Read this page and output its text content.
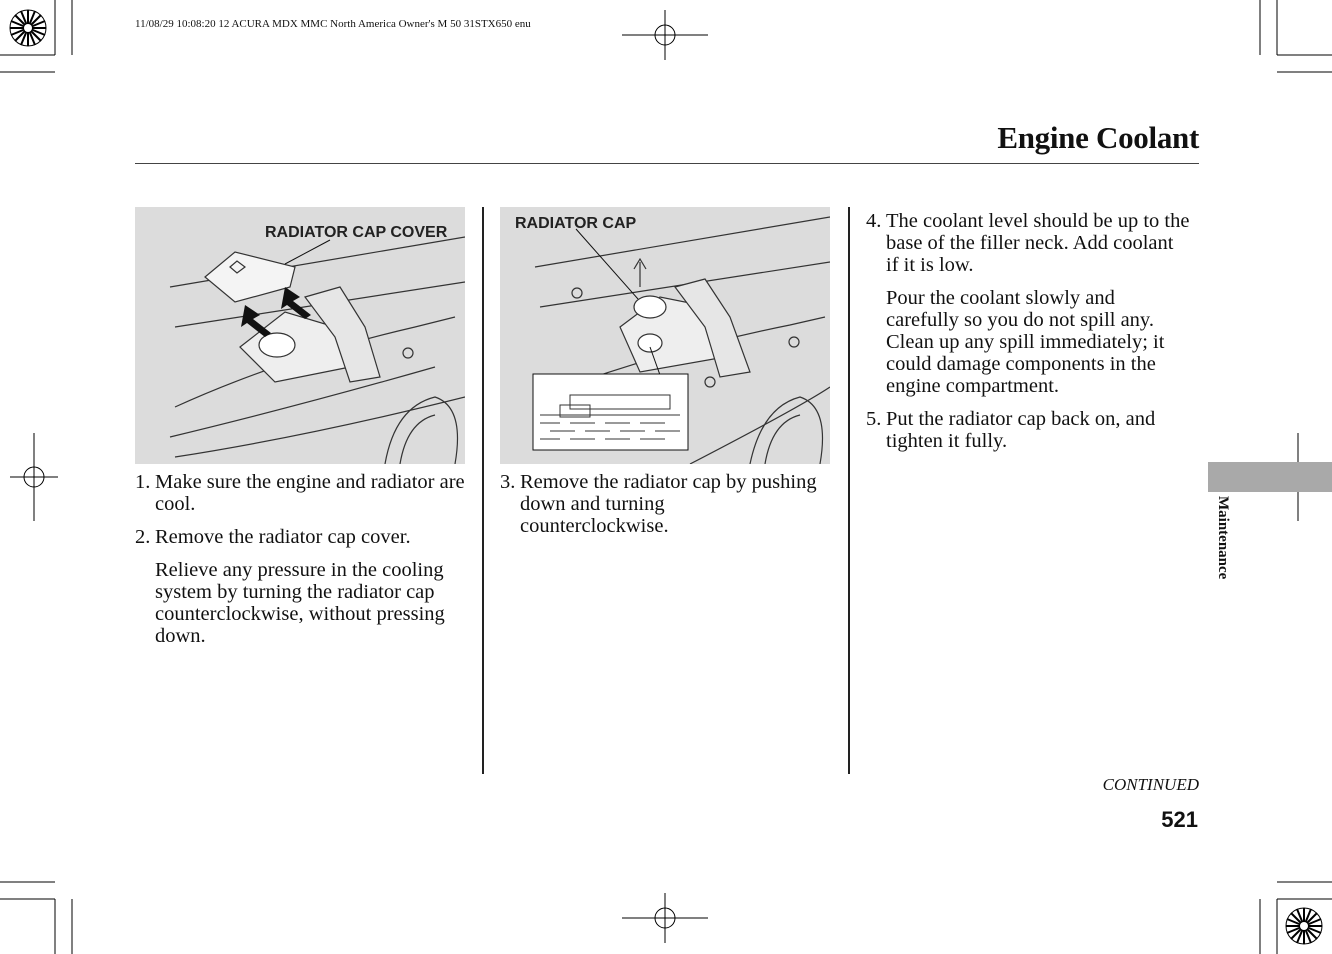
11/08/29 10:08:20 12 ACURA MDX MMC North America Owner's M 50 31STX650 enu
Engine Coolant
RADIATOR CAP COVER
RADIATOR CAP
1. Make sure the engine and radiator are cool.
2. Remove the radiator cap cover.
Relieve any pressure in the cooling system by turning the radiator cap counterclockwise, without pressing down.
3. Remove the radiator cap by pushing down and turning counterclockwise.
4. The coolant level should be up to the base of the filler neck. Add coolant if it is low.
Pour the coolant slowly and carefully so you do not spill any. Clean up any spill immediately; it could damage components in the engine compartment.
5. Put the radiator cap back on, and tighten it fully.
Maintenance
CONTINUED
521
